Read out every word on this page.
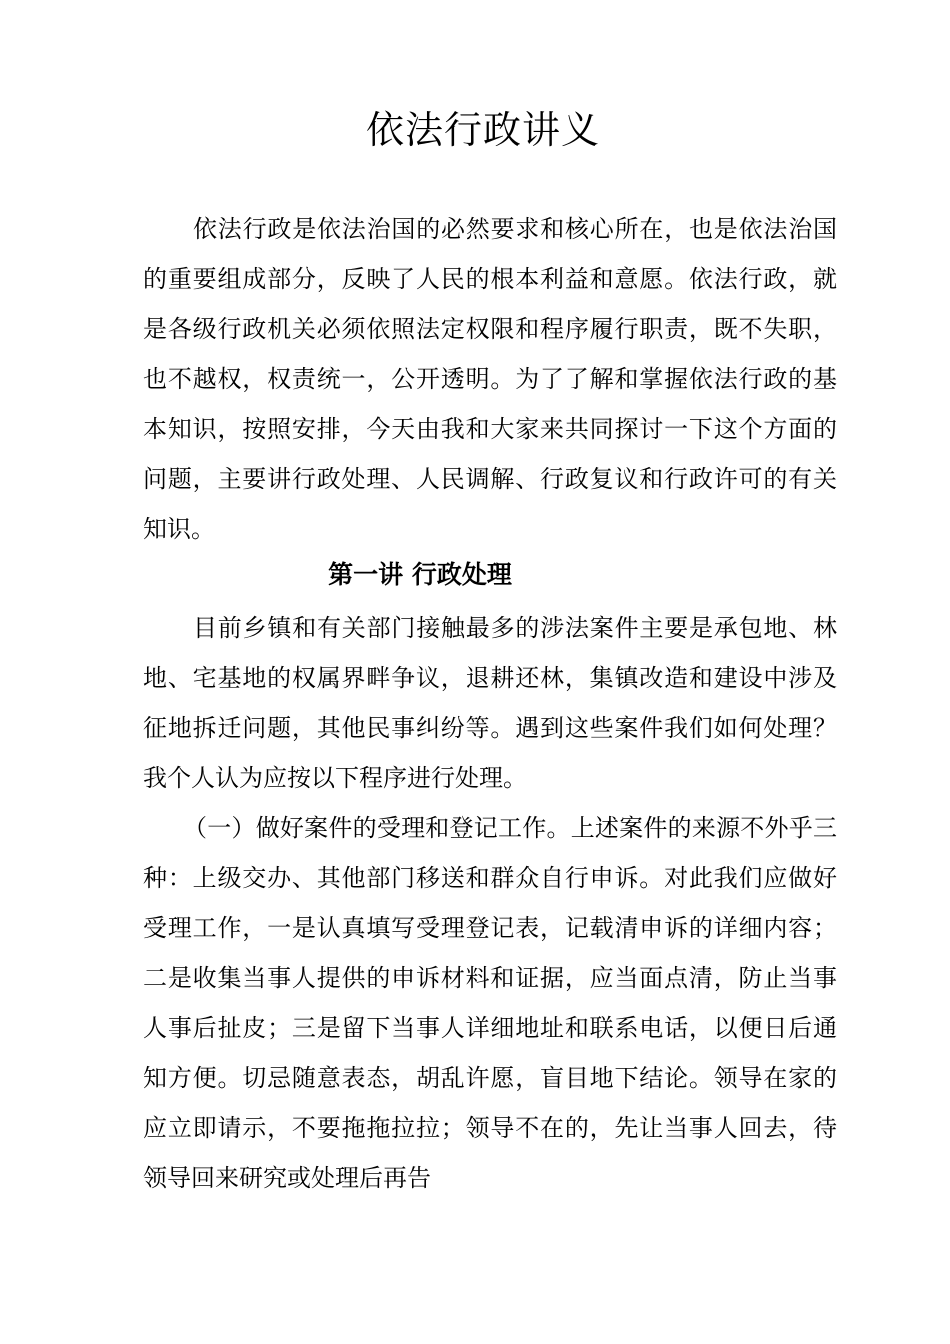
依法行政讲义

依法行政是依法治国的必然要求和核心所在，也是依法治国的重要组成部分，反映了人民的根本利益和意愿。依法行政，就是各级行政机关必须依照法定权限和程序履行职责，既不失职，也不越权，权责统一，公开透明。为了了解和掌握依法行政的基本知识，按照安排，今天由我和大家来共同探讨一下这个方面的问题，主要讲行政处理、人民调解、行政复议和行政许可的有关知识。

第一讲 行政处理

目前乡镇和有关部门接触最多的涉法案件主要是承包地、林地、宅基地的权属界畔争议，退耕还林，集镇改造和建设中涉及征地拆迁问题，其他民事纠纷等。遇到这些案件我们如何处理？我个人认为应按以下程序进行处理。

（一）做好案件的受理和登记工作。上述案件的来源不外乎三种：上级交办、其他部门移送和群众自行申诉。对此我们应做好受理工作，一是认真填写受理登记表，记载清申诉的详细内容；二是收集当事人提供的申诉材料和证据，应当面点清，防止当事人事后扯皮；三是留下当事人详细地址和联系电话，以便日后通知方便。切忌随意表态，胡乱许愿，盲目地下结论。领导在家的应立即请示，不要拖拖拉拉；领导不在的，先让当事人回去，待领导回来研究或处理后再告
